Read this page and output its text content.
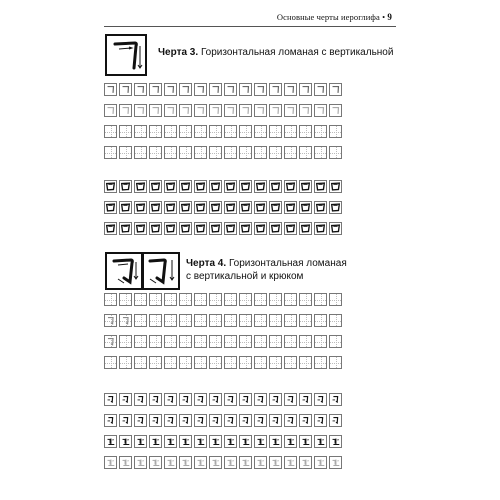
Основные черты иероглифа • 9
Черта 3. Горизонтальная ломаная с вертикальной
Черта 4. Горизонтальная ломаная
с вертикальной и крюком
